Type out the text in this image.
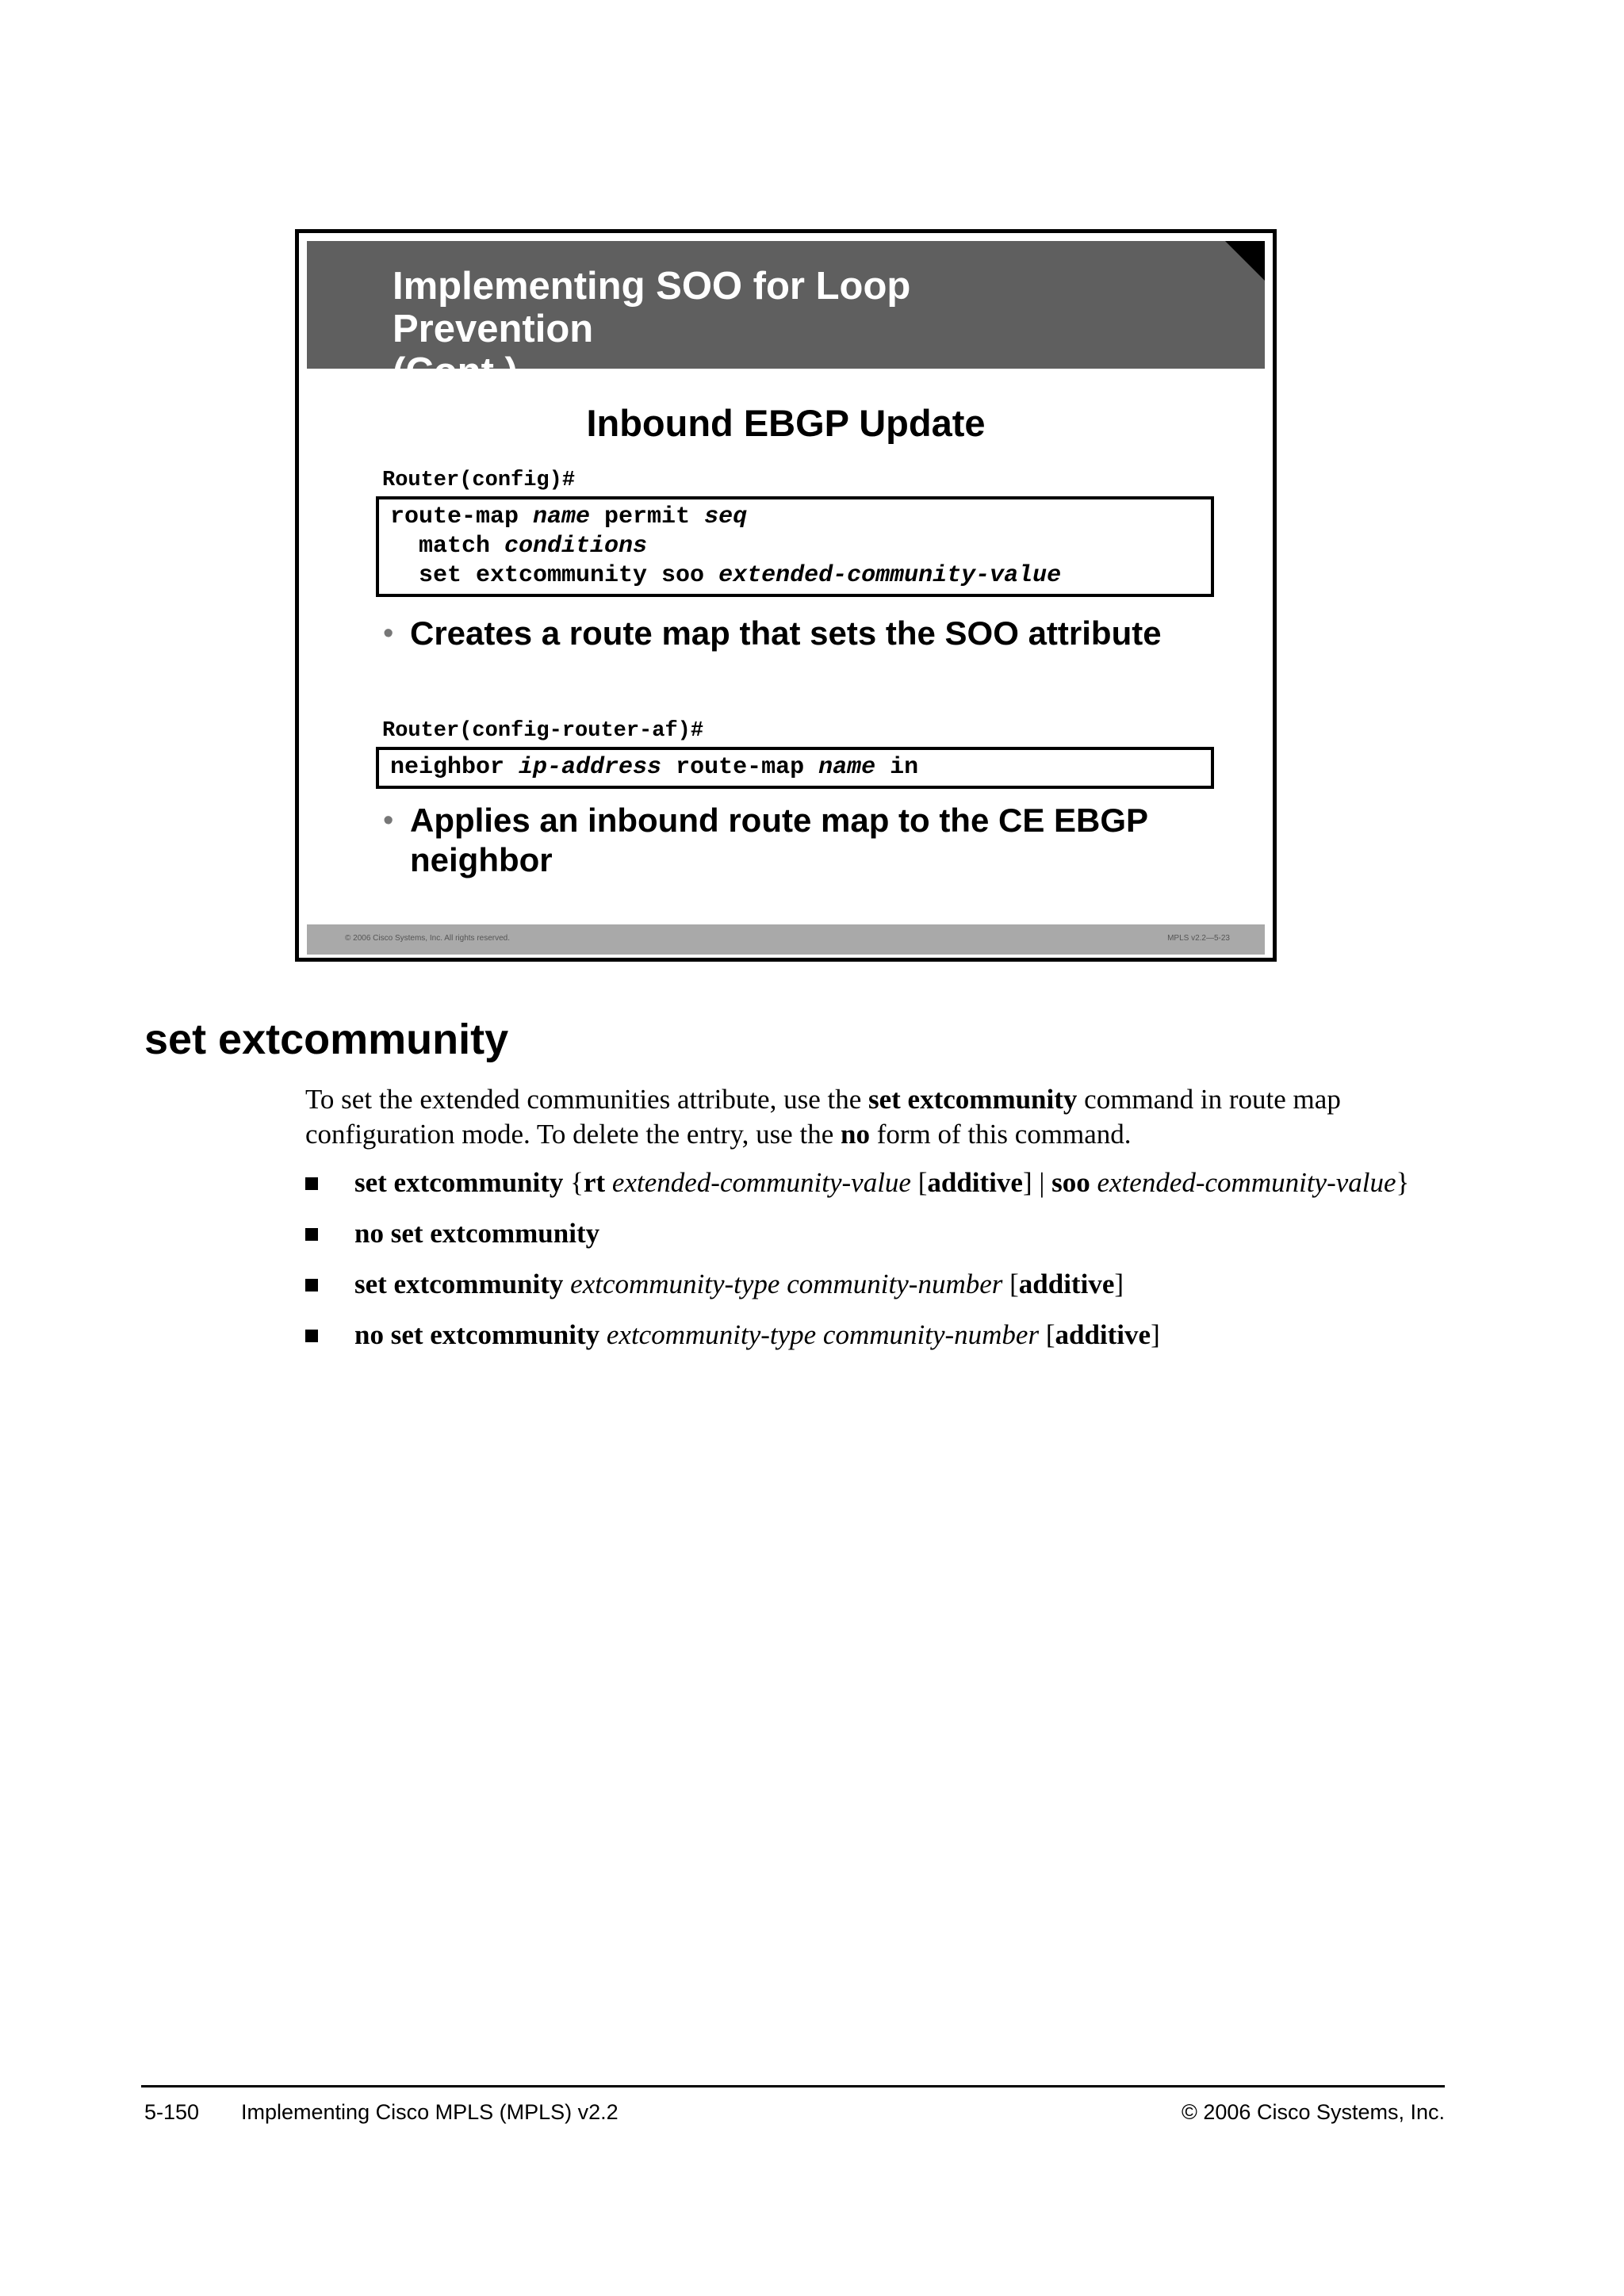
Implementing SOO for Loop Prevention
(Cont.)
Inbound EBGP Update
Router(config)#
route-map name permit seq
match conditions
set extcommunity soo extended-community-value
• Creates a route map that sets the SOO attribute
Router(config-router-af)#
neighbor ip-address route-map name in
• Applies an inbound route map to the CE EBGP neighbor
© 2006 Cisco Systems, Inc. All rights reserved.	MPLS v2.2—5-23
set extcommunity

To set the extended communities attribute, use the set extcommunity command in route map configuration mode. To delete the entry, use the no form of this command.

set extcommunity {rt extended-community-value [additive] | soo extended-community-value}
no set extcommunity
set extcommunity extcommunity-type community-number [additive]
no set extcommunity extcommunity-type community-number [additive]
5-150 Implementing Cisco MPLS (MPLS) v2.2	© 2006 Cisco Systems, Inc.
